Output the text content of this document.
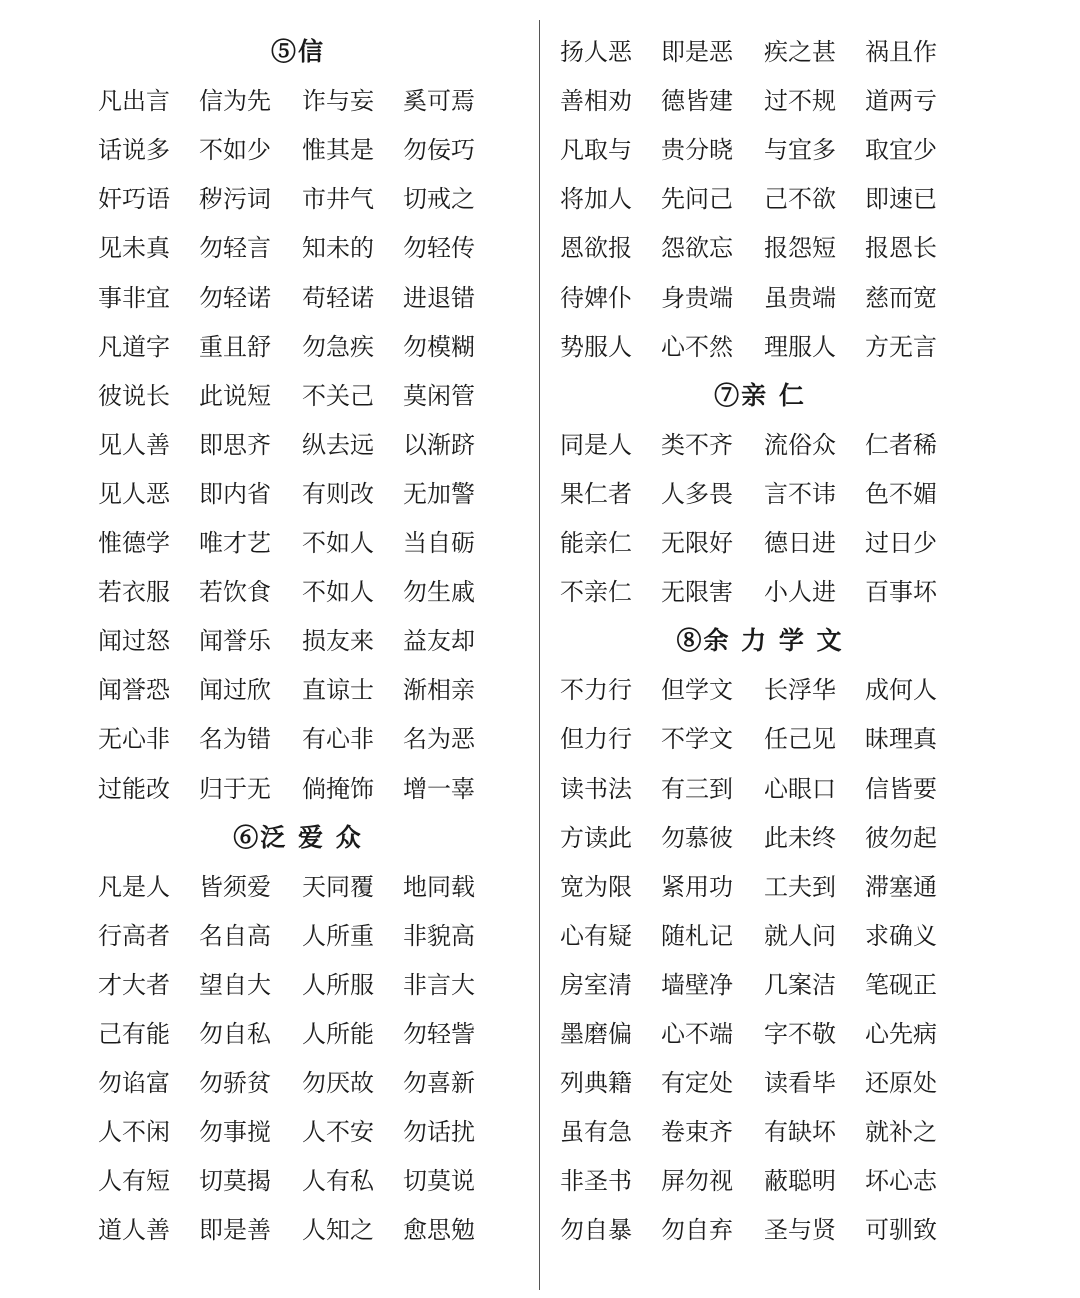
⑤信
凡出言 信为先 诈与妄 奚可焉
话说多 不如少 惟其是 勿佞巧
奸巧语 秽污词 市井气 切戒之
见未真 勿轻言 知未的 勿轻传
事非宜 勿轻诺 苟轻诺 进退错
凡道字 重且舒 勿急疾 勿模糊
彼说长 此说短 不关己 莫闲管
见人善 即思齐 纵去远 以渐跻
见人恶 即内省 有则改 无加警
惟德学 唯才艺 不如人 当自砺
若衣服 若饮食 不如人 勿生戚
闻过怒 闻誉乐 损友来 益友却
闻誉恐 闻过欣 直谅士 渐相亲
无心非 名为错 有心非 名为恶
过能改 归于无 倘掩饰 增一辜
⑥泛 爱 众
凡是人 皆须爱 天同覆 地同载
行高者 名自高 人所重 非貌高
才大者 望自大 人所服 非言大
己有能 勿自私 人所能 勿轻訾
勿谄富 勿骄贫 勿厌故 勿喜新
人不闲 勿事搅 人不安 勿话扰
人有短 切莫揭 人有私 切莫说
道人善 即是善 人知之 愈思勉
扬人恶 即是恶 疾之甚 祸且作
善相劝 德皆建 过不规 道两亏
凡取与 贵分晓 与宜多 取宜少
将加人 先问己 己不欲 即速已
恩欲报 怨欲忘 报怨短 报恩长
待婢仆 身贵端 虽贵端 慈而宽
势服人 心不然 理服人 方无言
⑦亲 仁
同是人 类不齐 流俗众 仁者稀
果仁者 人多畏 言不讳 色不媚
能亲仁 无限好 德日进 过日少
不亲仁 无限害 小人进 百事坏
⑧余 力 学 文
不力行 但学文 长浮华 成何人
但力行 不学文 任己见 昧理真
读书法 有三到 心眼口 信皆要
方读此 勿慕彼 此未终 彼勿起
宽为限 紧用功 工夫到 滞塞通
心有疑 随札记 就人问 求确义
房室清 墙壁净 几案洁 笔砚正
墨磨偏 心不端 字不敬 心先病
列典籍 有定处 读看毕 还原处
虽有急 卷束齐 有缺坏 就补之
非圣书 屏勿视 蔽聪明 坏心志
勿自暴 勿自弃 圣与贤 可驯致
